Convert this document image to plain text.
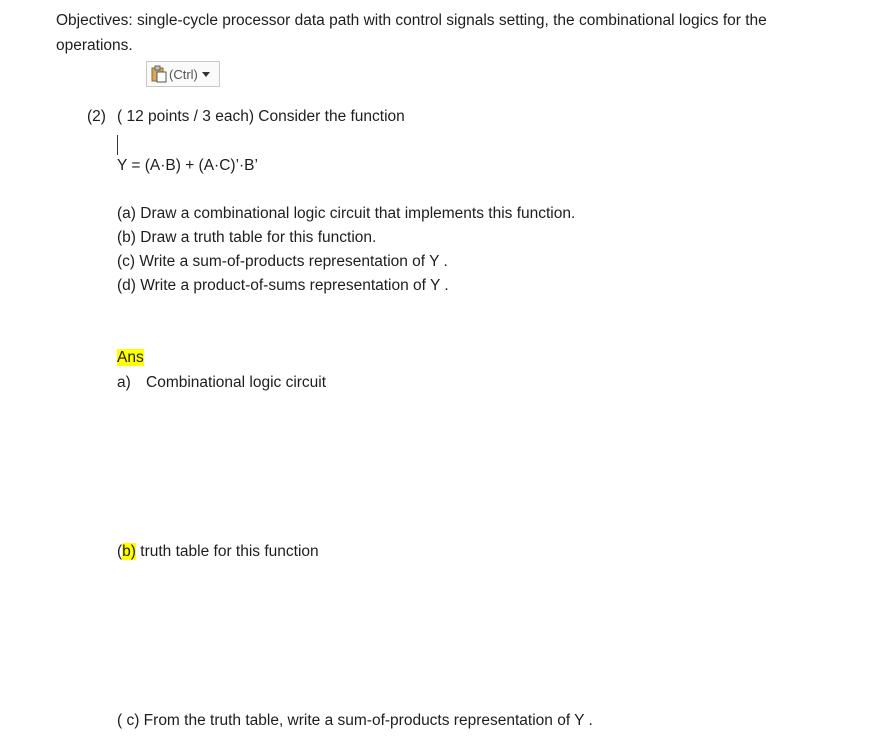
Objectives: single-cycle processor data path with control signals setting, the combinational logics for the
operations.
(Ctrl)
(2) ( 12 points / 3 each) Consider the function
Y = (A·B) + (A·C)’·B’
(a) Draw a combinational logic circuit that implements this function.
(b) Draw a truth table for this function.
(c) Write a sum-of-products representation of Y .
(d) Write a product-of-sums representation of Y .
Ans
a) Combinational logic circuit
(b) truth table for this function
( c) From the truth table, write a sum-of-products representation of Y .
